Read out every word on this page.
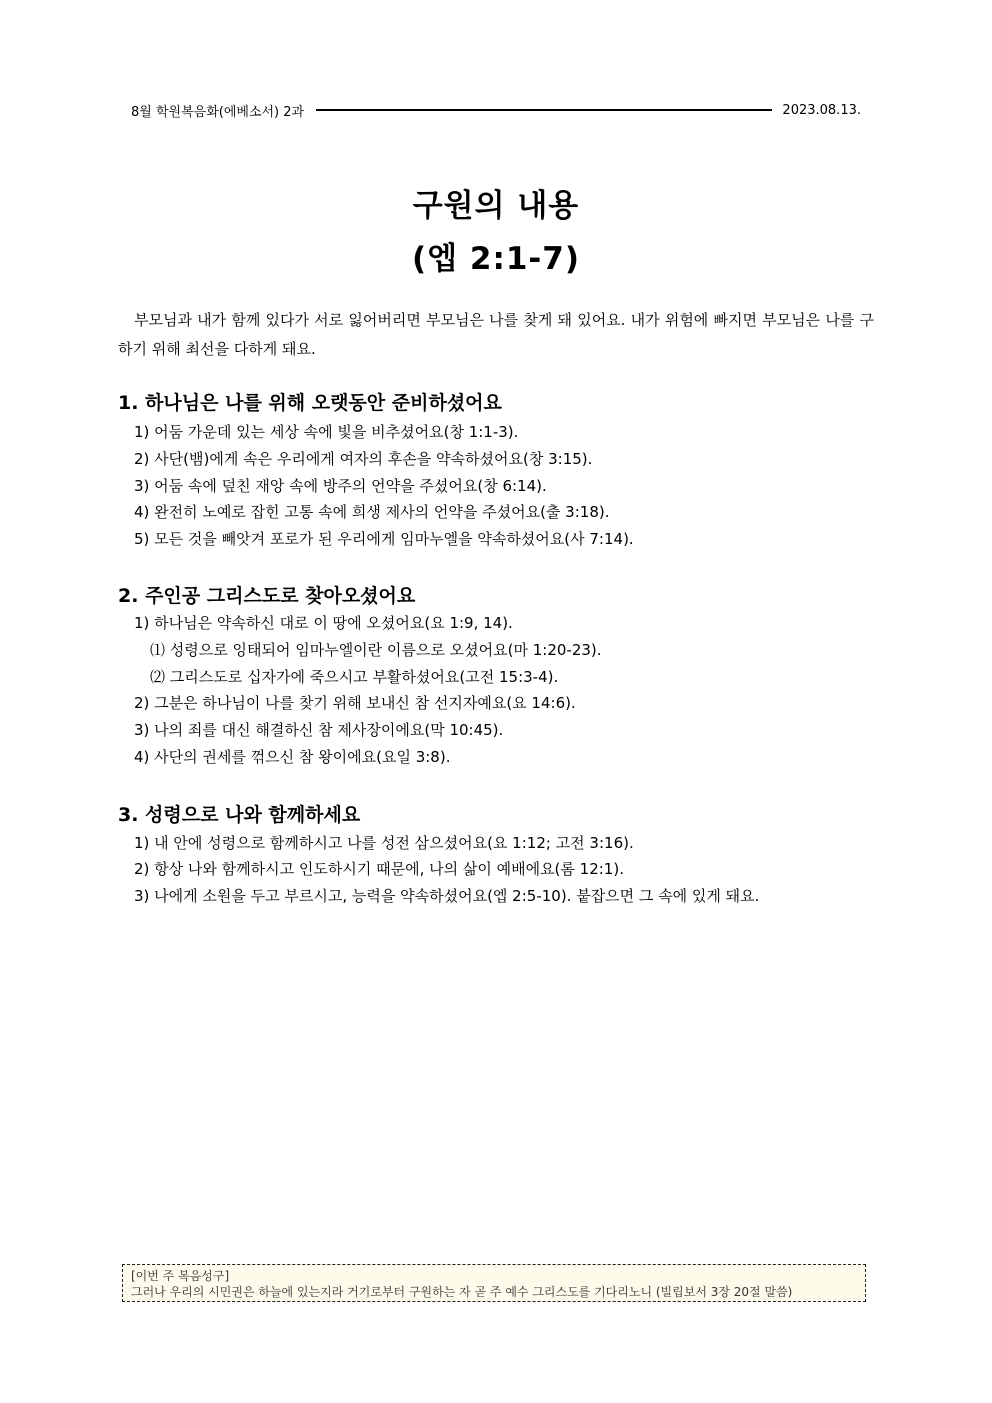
8월 학원복음화(에베소서) 2과	2023.08.13.
구원의 내용
(엡 2:1-7)

부모님과 내가 함께 있다가 서로 잃어버리면 부모님은 나를 찾게 돼 있어요. 내가 위험에 빠지면 부모님은 나를 구하기 위해 최선을 다하게 돼요.

1. 하나님은 나를 위해 오랫동안 준비하셨어요
1) 어둠 가운데 있는 세상 속에 빛을 비추셨어요(창 1:1-3).
2) 사단(뱀)에게 속은 우리에게 여자의 후손을 약속하셨어요(창 3:15).
3) 어둠 속에 덮친 재앙 속에 방주의 언약을 주셨어요(창 6:14).
4) 완전히 노예로 잡힌 고통 속에 희생 제사의 언약을 주셨어요(출 3:18).
5) 모든 것을 빼앗겨 포로가 된 우리에게 임마누엘을 약속하셨어요(사 7:14).
2. 주인공 그리스도로 찾아오셨어요
1) 하나님은 약속하신 대로 이 땅에 오셨어요(요 1:9, 14).
⑴ 성령으로 잉태되어 임마누엘이란 이름으로 오셨어요(마 1:20-23).
⑵ 그리스도로 십자가에 죽으시고 부활하셨어요(고전 15:3-4).
2) 그분은 하나님이 나를 찾기 위해 보내신 참 선지자예요(요 14:6).
3) 나의 죄를 대신 해결하신 참 제사장이에요(막 10:45).
4) 사단의 권세를 꺾으신 참 왕이에요(요일 3:8).
3. 성령으로 나와 함께하세요
1) 내 안에 성령으로 함께하시고 나를 성전 삼으셨어요(요 1:12; 고전 3:16).
2) 항상 나와 함께하시고 인도하시기 때문에, 나의 삶이 예배에요(롬 12:1).
3) 나에게 소원을 두고 부르시고, 능력을 약속하셨어요(엡 2:5-10). 붙잡으면 그 속에 있게 돼요.
[이번 주 복음성구]
그러나 우리의 시민권은 하늘에 있는지라 거기로부터 구원하는 자 곧 주 예수 그리스도를 기다리노니 (빌립보서 3장 20절 말씀)
